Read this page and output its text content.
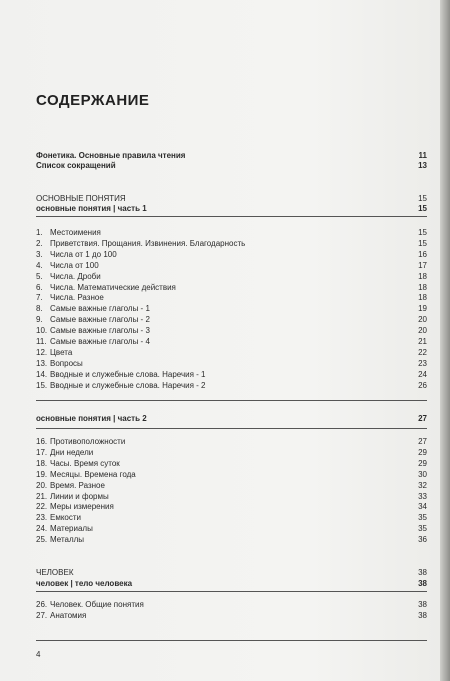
СОДЕРЖАНИЕ
Фонетика. Основные правила чтения	11
Список сокращений	13
ОСНОВНЫЕ ПОНЯТИЯ	15
основные понятия | часть 1	15
1. Местоимения	15
2. Приветствия. Прощания. Извинения. Благодарность	15
3. Числа от 1 до 100	16
4. Числа от 100	17
5. Числа. Дроби	18
6. Числа. Математические действия	18
7. Числа. Разное	18
8. Самые важные глаголы - 1	19
9. Самые важные глаголы - 2	20
10. Самые важные глаголы - 3	20
11. Самые важные глаголы - 4	21
12. Цвета	22
13. Вопросы	23
14. Вводные и служебные слова. Наречия - 1	24
15. Вводные и служебные слова. Наречия - 2	26
основные понятия | часть 2	27
16. Противоположности	27
17. Дни недели	29
18. Часы. Время суток	29
19. Месяцы. Времена года	30
20. Время. Разное	32
21. Линии и формы	33
22. Меры измерения	34
23. Емкости	35
24. Материалы	35
25. Металлы	36
ЧЕЛОВЕК	38
человек | тело человека	38
26. Человек. Общие понятия	38
27. Анатомия	38
4
